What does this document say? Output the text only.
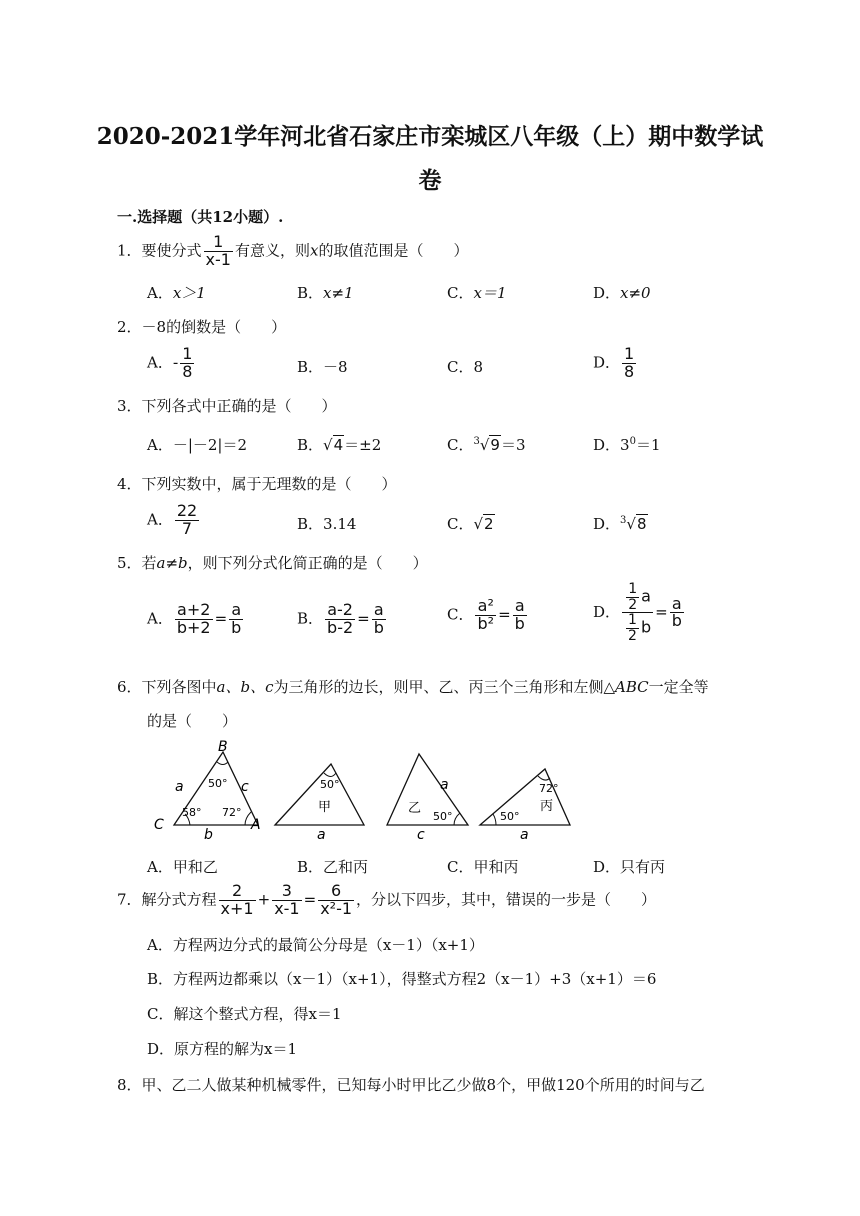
2020-2021学年河北省石家庄市栾城区八年级（上）期中数学试
卷
一.选择题（共12小题）.
1．要使分式 $\frac{1}{x-1}$ 有意义，则x的取值范围是（　　）
A．x＞1	B．x≠1	C．x＝1	D．x≠0
2．－8的倒数是（　　）
A．- $\frac{1}{8}$	B．－8	C．8	D． $\frac{1}{8}$
3．下列各式中正确的是（　　）
A．－|－2|＝2	B．√4＝±2	C．$^3$√9＝3	D．$3^0=1$
4．下列实数中，属于无理数的是（　　）
A． $\frac{22}{7}$	B．3.14	C．√2	D．$^3$√8
5．若a≠b，则下列分式化简正确的是（　　）
A． $\frac{a+2}{b+2} = \frac{a}{b}$	B． $\frac{a-2}{b-2} = \frac{a}{b}$	C． $\frac{\text{a²}}{\text{b²}} = \frac{a}{b}$	D． $\frac{\frac{1}{2} a}{\frac{1}{2} b} = \frac{a}{b}$
6．下列各图中a、b、c为三角形的边长，则甲、乙、丙三个三角形和左侧△ABC一定全等
的是（　　）
B
C	A
a	c
b
50°
58° 72°
50°
甲
a
a
乙
50°
c
72°
丙
50°
a
A．甲和乙	B．乙和丙	C．甲和丙	D．只有丙
7．解分式方程 $\frac{2}{x+1} + \frac{3}{x-1} = \frac{6}{\text{x²-1}}$ ，分以下四步，其中，错误的一步是（　　）
A．方程两边分式的最简公分母是（x－1）（x+1）
B．方程两边都乘以（x－1）（x+1），得整式方程2（x－1）+3（x+1）＝6
C．解这个整式方程，得x＝1
D．原方程的解为x＝1
8．甲、乙二人做某种机械零件，已知每小时甲比乙少做8个，甲做120个所用的时间与乙
